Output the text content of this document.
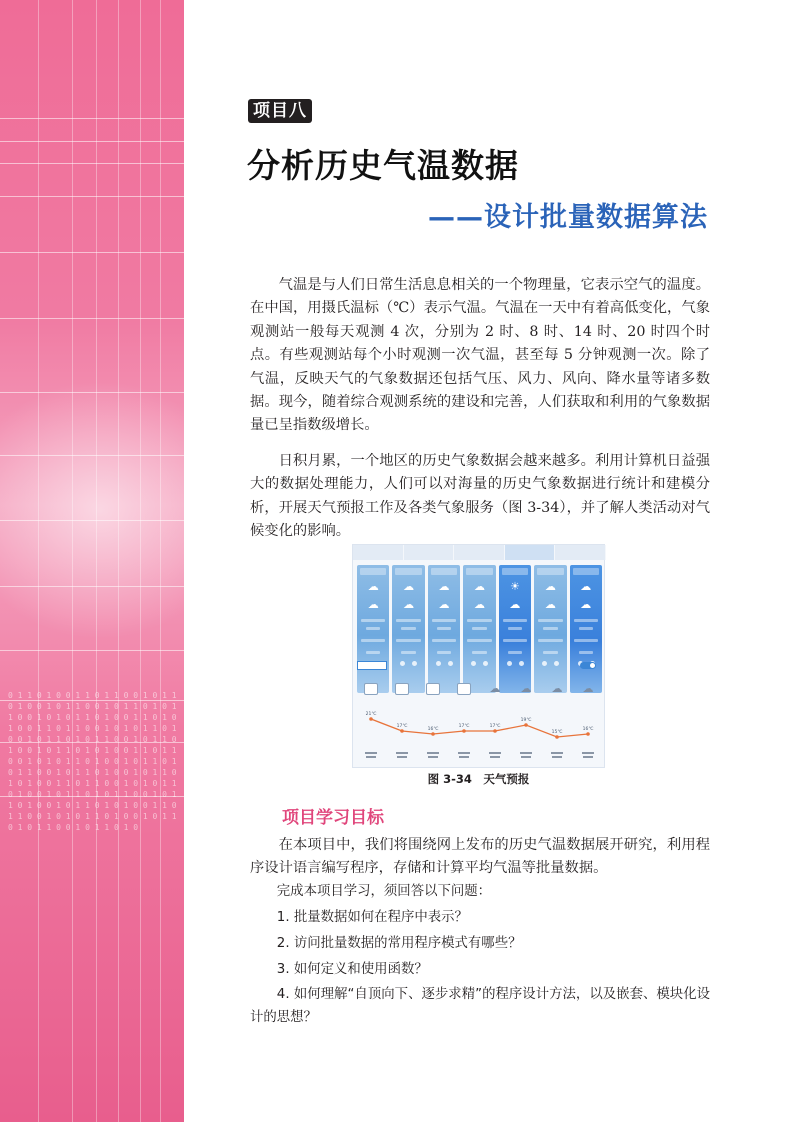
0 1 1 0 1 0 0 1 1 0 1 1 0 0 1 0 1 1 0 1 0 0 1 0 1 1 0 0 1 0 1 1 0 1 0 1 1 0 0 1 0 1 0 1 1 0 1 0 0 1 1 0 1 0 1 0 0 1 1 0 1 1 0 0 1 0 1 0 1 1 0 1 0 0 1 0 1 1 0 1 0 1 1 0 0 1 0 1 1 0 1 0 0 1 0 1 1 0 1 0 1 0 0 1 1 0 1 1 0 0 1 0 1 0 1 1 0 1 0 0 1 0 1 1 0 1 0 1 1 0 0 1 0 1 1 0 1 0 0 1 0 1 1 0 1 0 1 0 0 1 1 0 1 1 0 0 1 0 1 0 1 1 0 1 0 0 1 0 1 1 0 1 0 1 1 0 0 1 0 1 1 0 1 0 0 1 0 1 1 0 1 0 1 0 0 1 1 0 1 1 0 0 1 0 1 0 1 1 0 1 0 0 1 0 1 1 0 1 0 1 1 0 0 1 0 1 1 0 1 0
项目八
分析历史气温数据
——设计批量数据算法

气温是与人们日常生活息息相关的一个物理量，它表示空气的温度。在中国，用摄氏温标（℃）表示气温。气温在一天中有着高低变化，气象观测站一般每天观测 4 次，分别为 2 时、8 时、14 时、20 时四个时点。有些观测站每个小时观测一次气温，甚至每 5 分钟观测一次。除了气温，反映天气的气象数据还包括气压、风力、风向、降水量等诸多数据。现今，随着综合观测系统的建设和完善，人们获取和利用的气象数据量已呈指数级增长。

日积月累，一个地区的历史气象数据会越来越多。利用计算机日益强大的数据处理能力，人们可以对海量的历史气象数据进行统计和建模分析，开展天气预报工作及各类气象服务（图 3-34），并了解人类活动对气候变化的影响。

☁
☁
☁
☁
☁
☁
☁
☁
☀
☁
☁
☁
☁
☁
21℃
17℃
16℃
17℃	17℃
19℃
15℃
16℃
☁ ☁ ☁ ☁
图 3-34　天气预报
项目学习目标

在本项目中，我们将围绕网上发布的历史气温数据展开研究，利用程序设计语言编写程序，存储和计算平均气温等批量数据。

完成本项目学习，须回答以下问题：

1. 批量数据如何在程序中表示？

2. 访问批量数据的常用程序模式有哪些？

3. 如何定义和使用函数？

4. 如何理解“自顶向下、逐步求精”的程序设计方法，以及嵌套、模块化设计的思想？
